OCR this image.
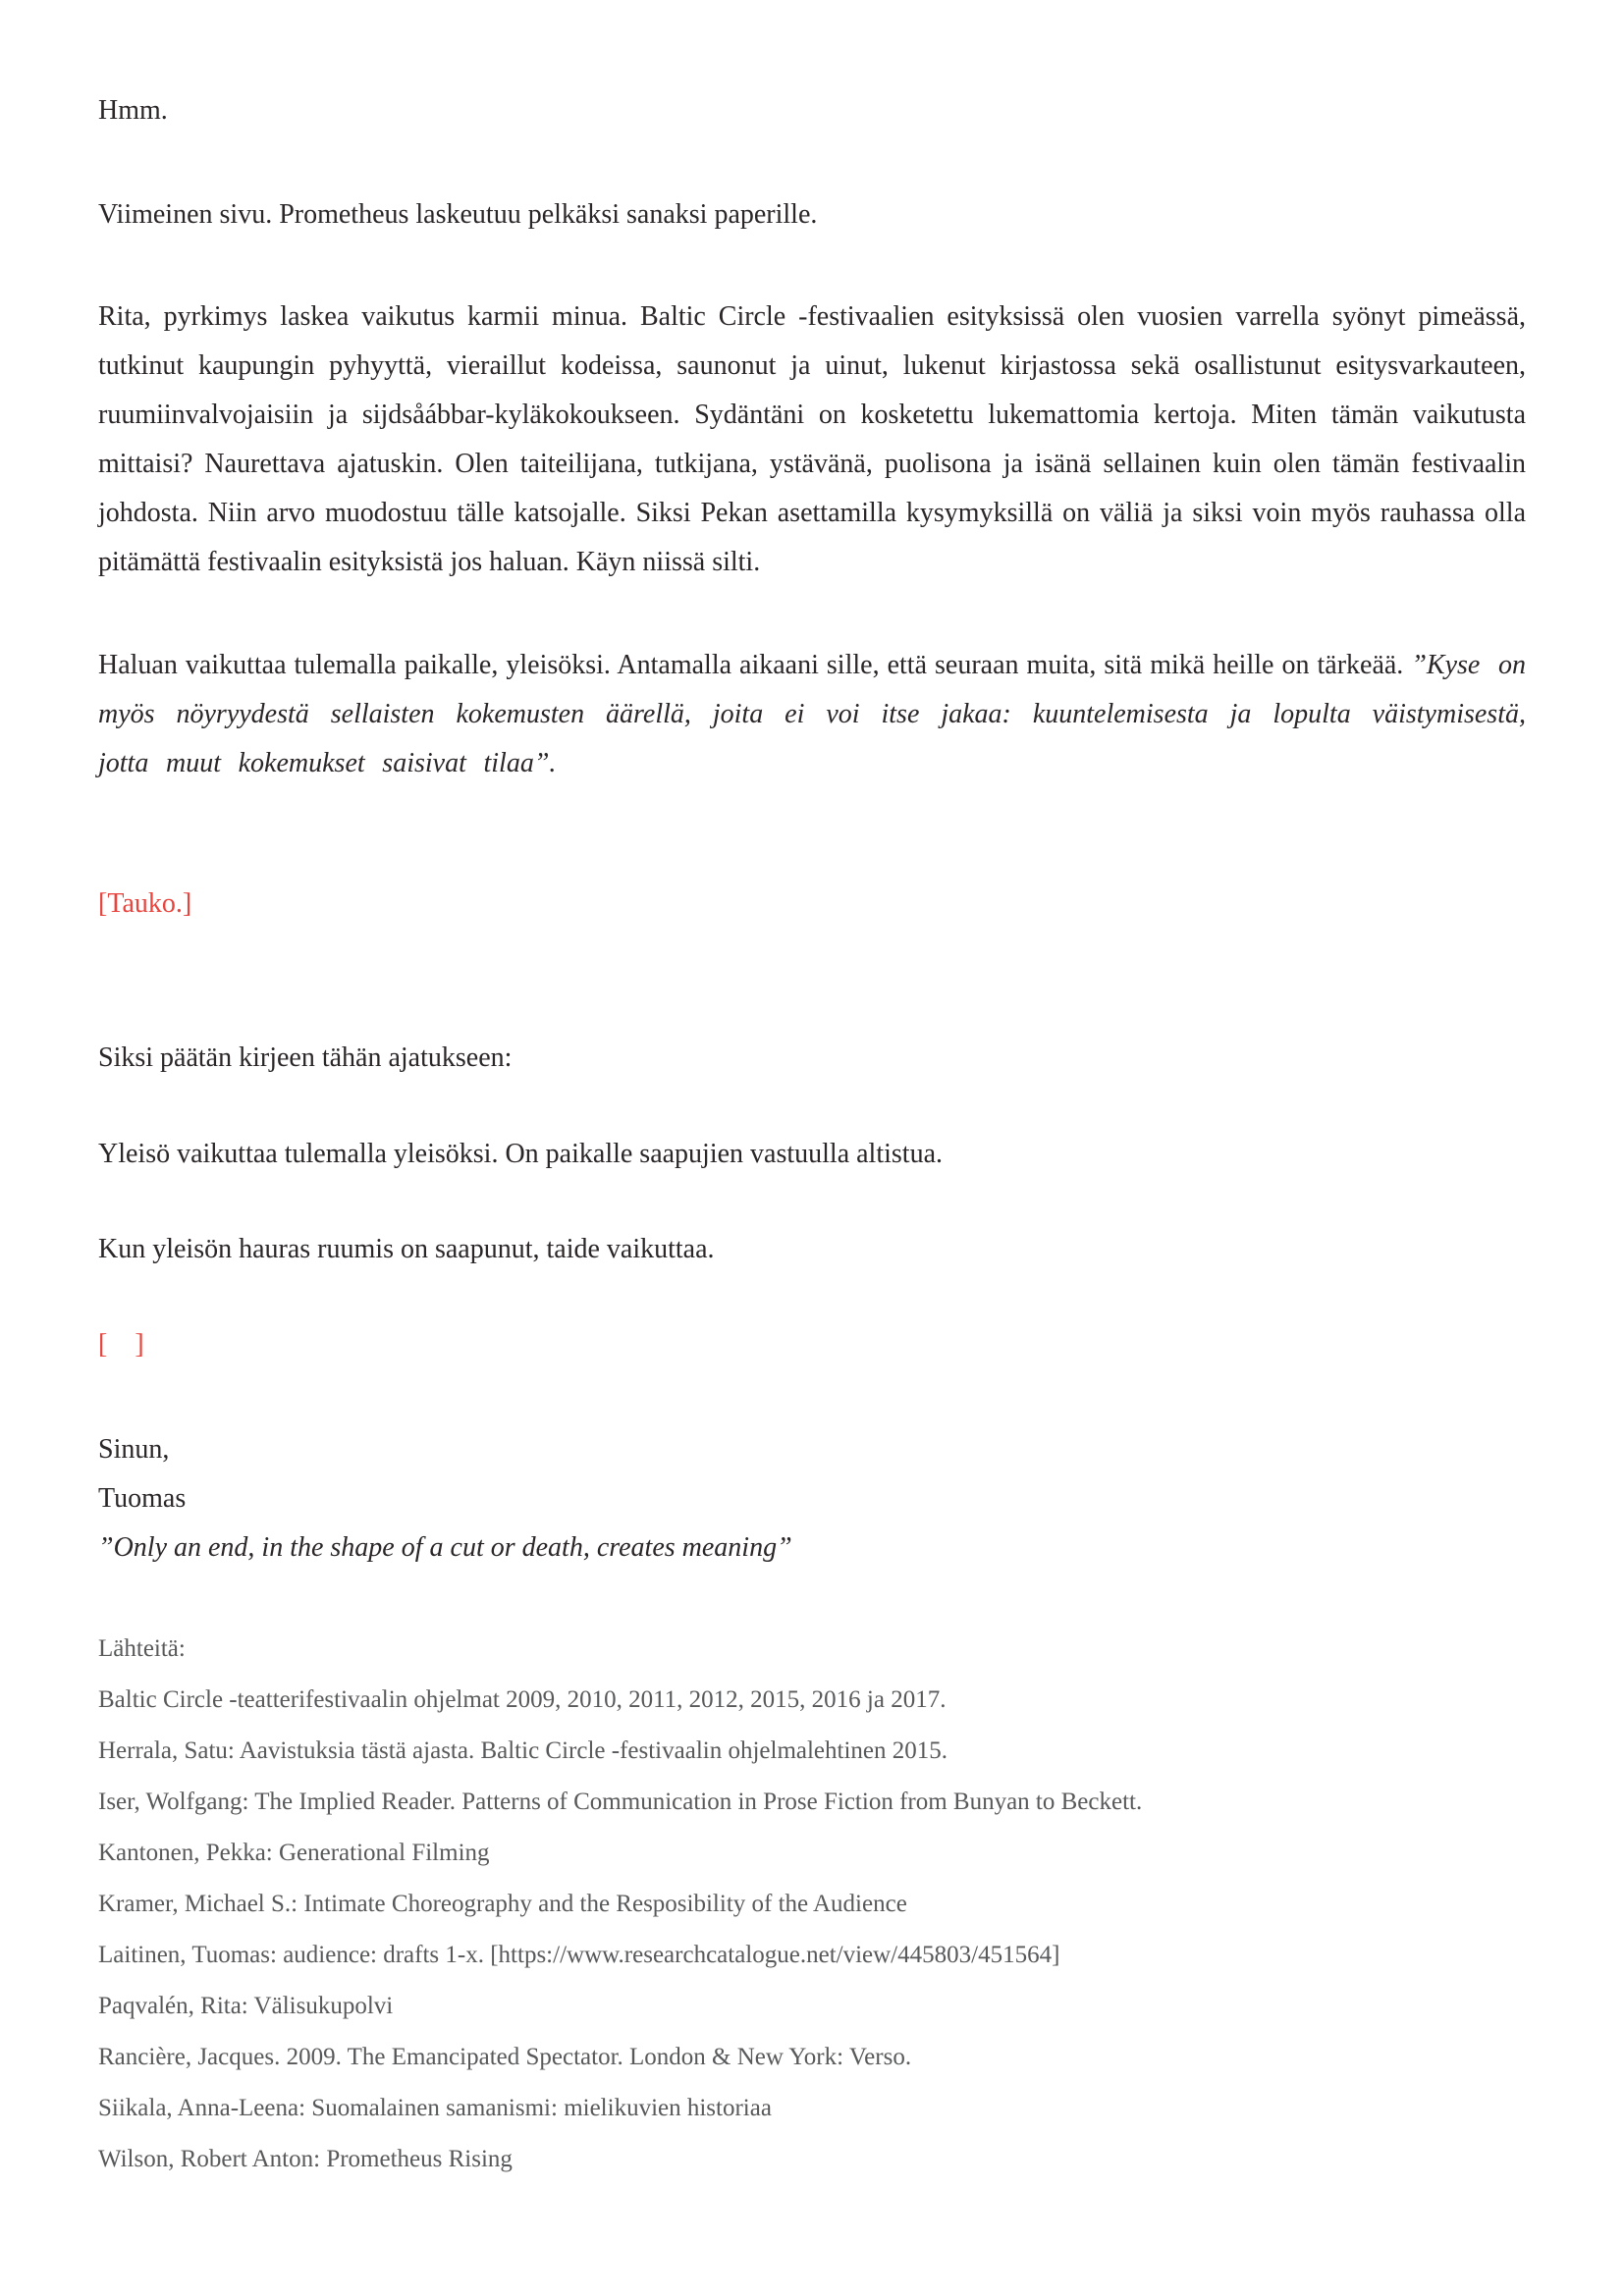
Hmm.

Viimeinen sivu. Prometheus laskeutuu pelkäksi sanaksi paperille.

Rita, pyrkimys laskea vaikutus karmii minua. Baltic Circle -festivaalien esityksissä olen vuosien varrella syönyt pimeässä, tutkinut kaupungin pyhyyttä, vieraillut kodeissa, saunonut ja uinut, lukenut kirjastossa sekä osallistunut esitysvarkauteen, ruumiinvalvojaisiin ja sijdsåábbar-kyläkokoukseen. Sydäntäni on kosketettu lukemattomia kertoja. Miten tämän vaikutusta mittaisi? Naurettava ajatuskin. Olen taiteilijana, tutkijana, ystävänä, puolisona ja isänä sellainen kuin olen tämän festivaalin johdosta. Niin arvo muodostuu tälle katsojalle. Siksi Pekan asettamilla kysymyksillä on väliä ja siksi voin myös rauhassa olla pitämättä festivaalin esityksistä jos haluan. Käyn niissä silti.

Haluan vaikuttaa tulemalla paikalle, yleisöksi. Antamalla aikaani sille, että seuraan muita, sitä mikä heille on tärkeää. ”Kyse on myös nöyryydestä sellaisten kokemusten äärellä, joita ei voi itse jakaa: kuuntelemisesta ja lopulta väistymisestä, jotta muut kokemukset saisivat tilaa”.

[Tauko.]

Siksi päätän kirjeen tähän ajatukseen:

Yleisö vaikuttaa tulemalla yleisöksi. On paikalle saapujien vastuulla altistua.

Kun yleisön hauras ruumis on saapunut, taide vaikuttaa.

[    ]

Sinun,

Tuomas

”Only an end, in the shape of a cut or death, creates meaning”

Lähteitä:

Baltic Circle -teatterifestivaalin ohjelmat 2009, 2010, 2011, 2012, 2015, 2016 ja 2017.

Herrala, Satu: Aavistuksia tästä ajasta. Baltic Circle -festivaalin ohjelmalehtinen 2015.

Iser, Wolfgang: The Implied Reader. Patterns of Communication in Prose Fiction from Bunyan to Beckett.

Kantonen, Pekka: Generational Filming

Kramer, Michael S.: Intimate Choreography and the Resposibility of the Audience

Laitinen, Tuomas: audience: drafts 1-x. [https://www.researchcatalogue.net/view/445803/451564]

Paqvalén, Rita: Välisukupolvi

Rancière, Jacques. 2009. The Emancipated Spectator. London & New York: Verso.

Siikala, Anna-Leena: Suomalainen samanismi: mielikuvien historiaa

Wilson, Robert Anton: Prometheus Rising
